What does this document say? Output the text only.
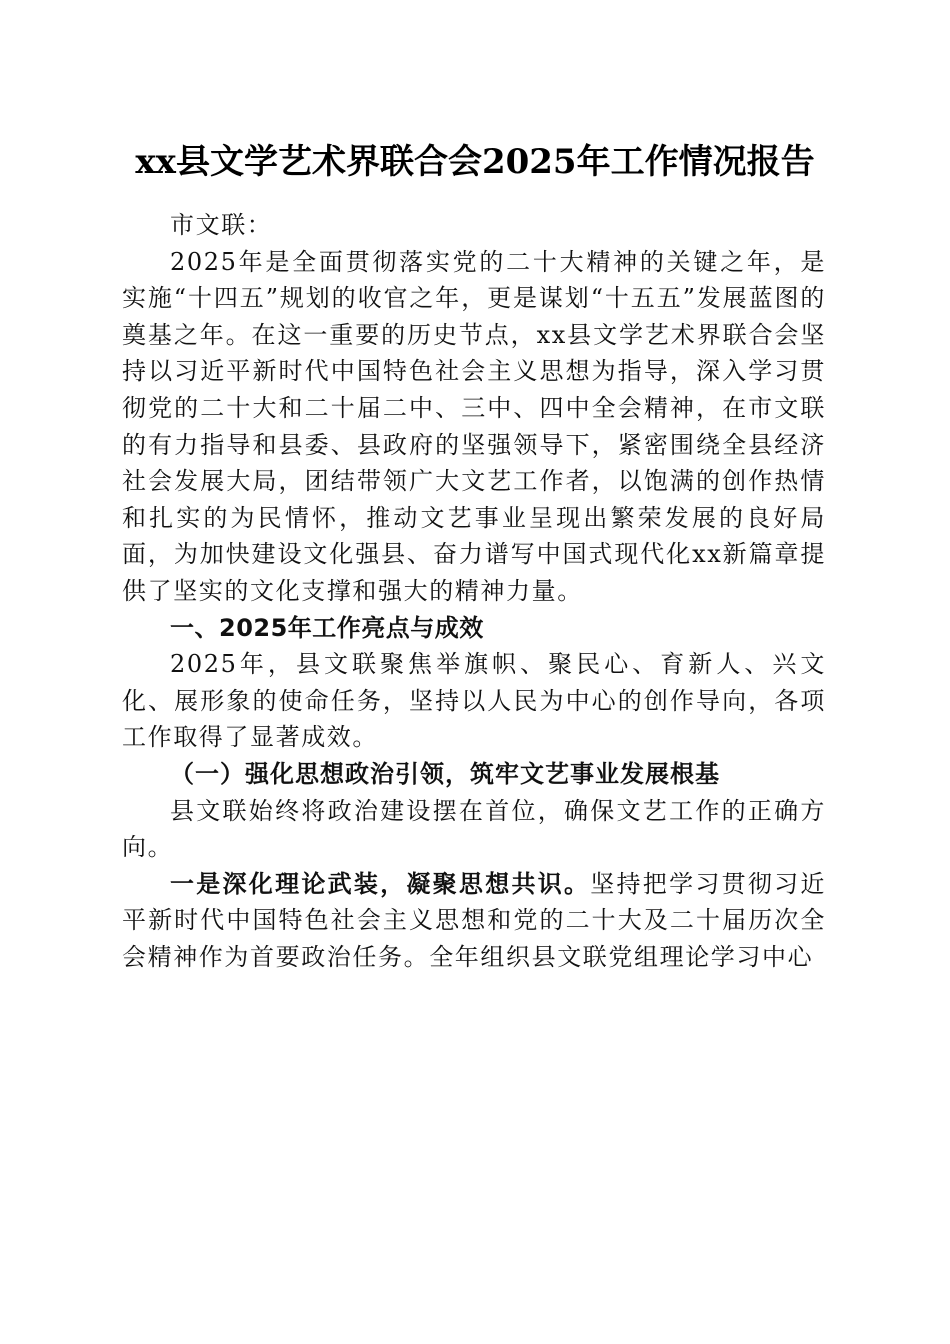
xx县文学艺术界联合会2025年工作情况报告

市文联：

2025年是全面贯彻落实党的二十大精神的关键之年，是实施“十四五”规划的收官之年，更是谋划“十五五”发展蓝图的奠基之年。在这一重要的历史节点，xx县文学艺术界联合会坚持以习近平新时代中国特色社会主义思想为指导，深入学习贯彻党的二十大和二十届二中、三中、四中全会精神，在市文联的有力指导和县委、县政府的坚强领导下，紧密围绕全县经济社会发展大局，团结带领广大文艺工作者，以饱满的创作热情和扎实的为民情怀，推动文艺事业呈现出繁荣发展的良好局面，为加快建设文化强县、奋力谱写中国式现代化xx新篇章提供了坚实的文化支撑和强大的精神力量。

一、2025年工作亮点与成效

2025年，县文联聚焦举旗帜、聚民心、育新人、兴文化、展形象的使命任务，坚持以人民为中心的创作导向，各项工作取得了显著成效。

（一）强化思想政治引领，筑牢文艺事业发展根基

县文联始终将政治建设摆在首位，确保文艺工作的正确方向。

一是深化理论武装，凝聚思想共识。坚持把学习贯彻习近平新时代中国特色社会主义思想和党的二十大及二十届历次全会精神作为首要政治任务。全年组织县文联党组理论学习中心
